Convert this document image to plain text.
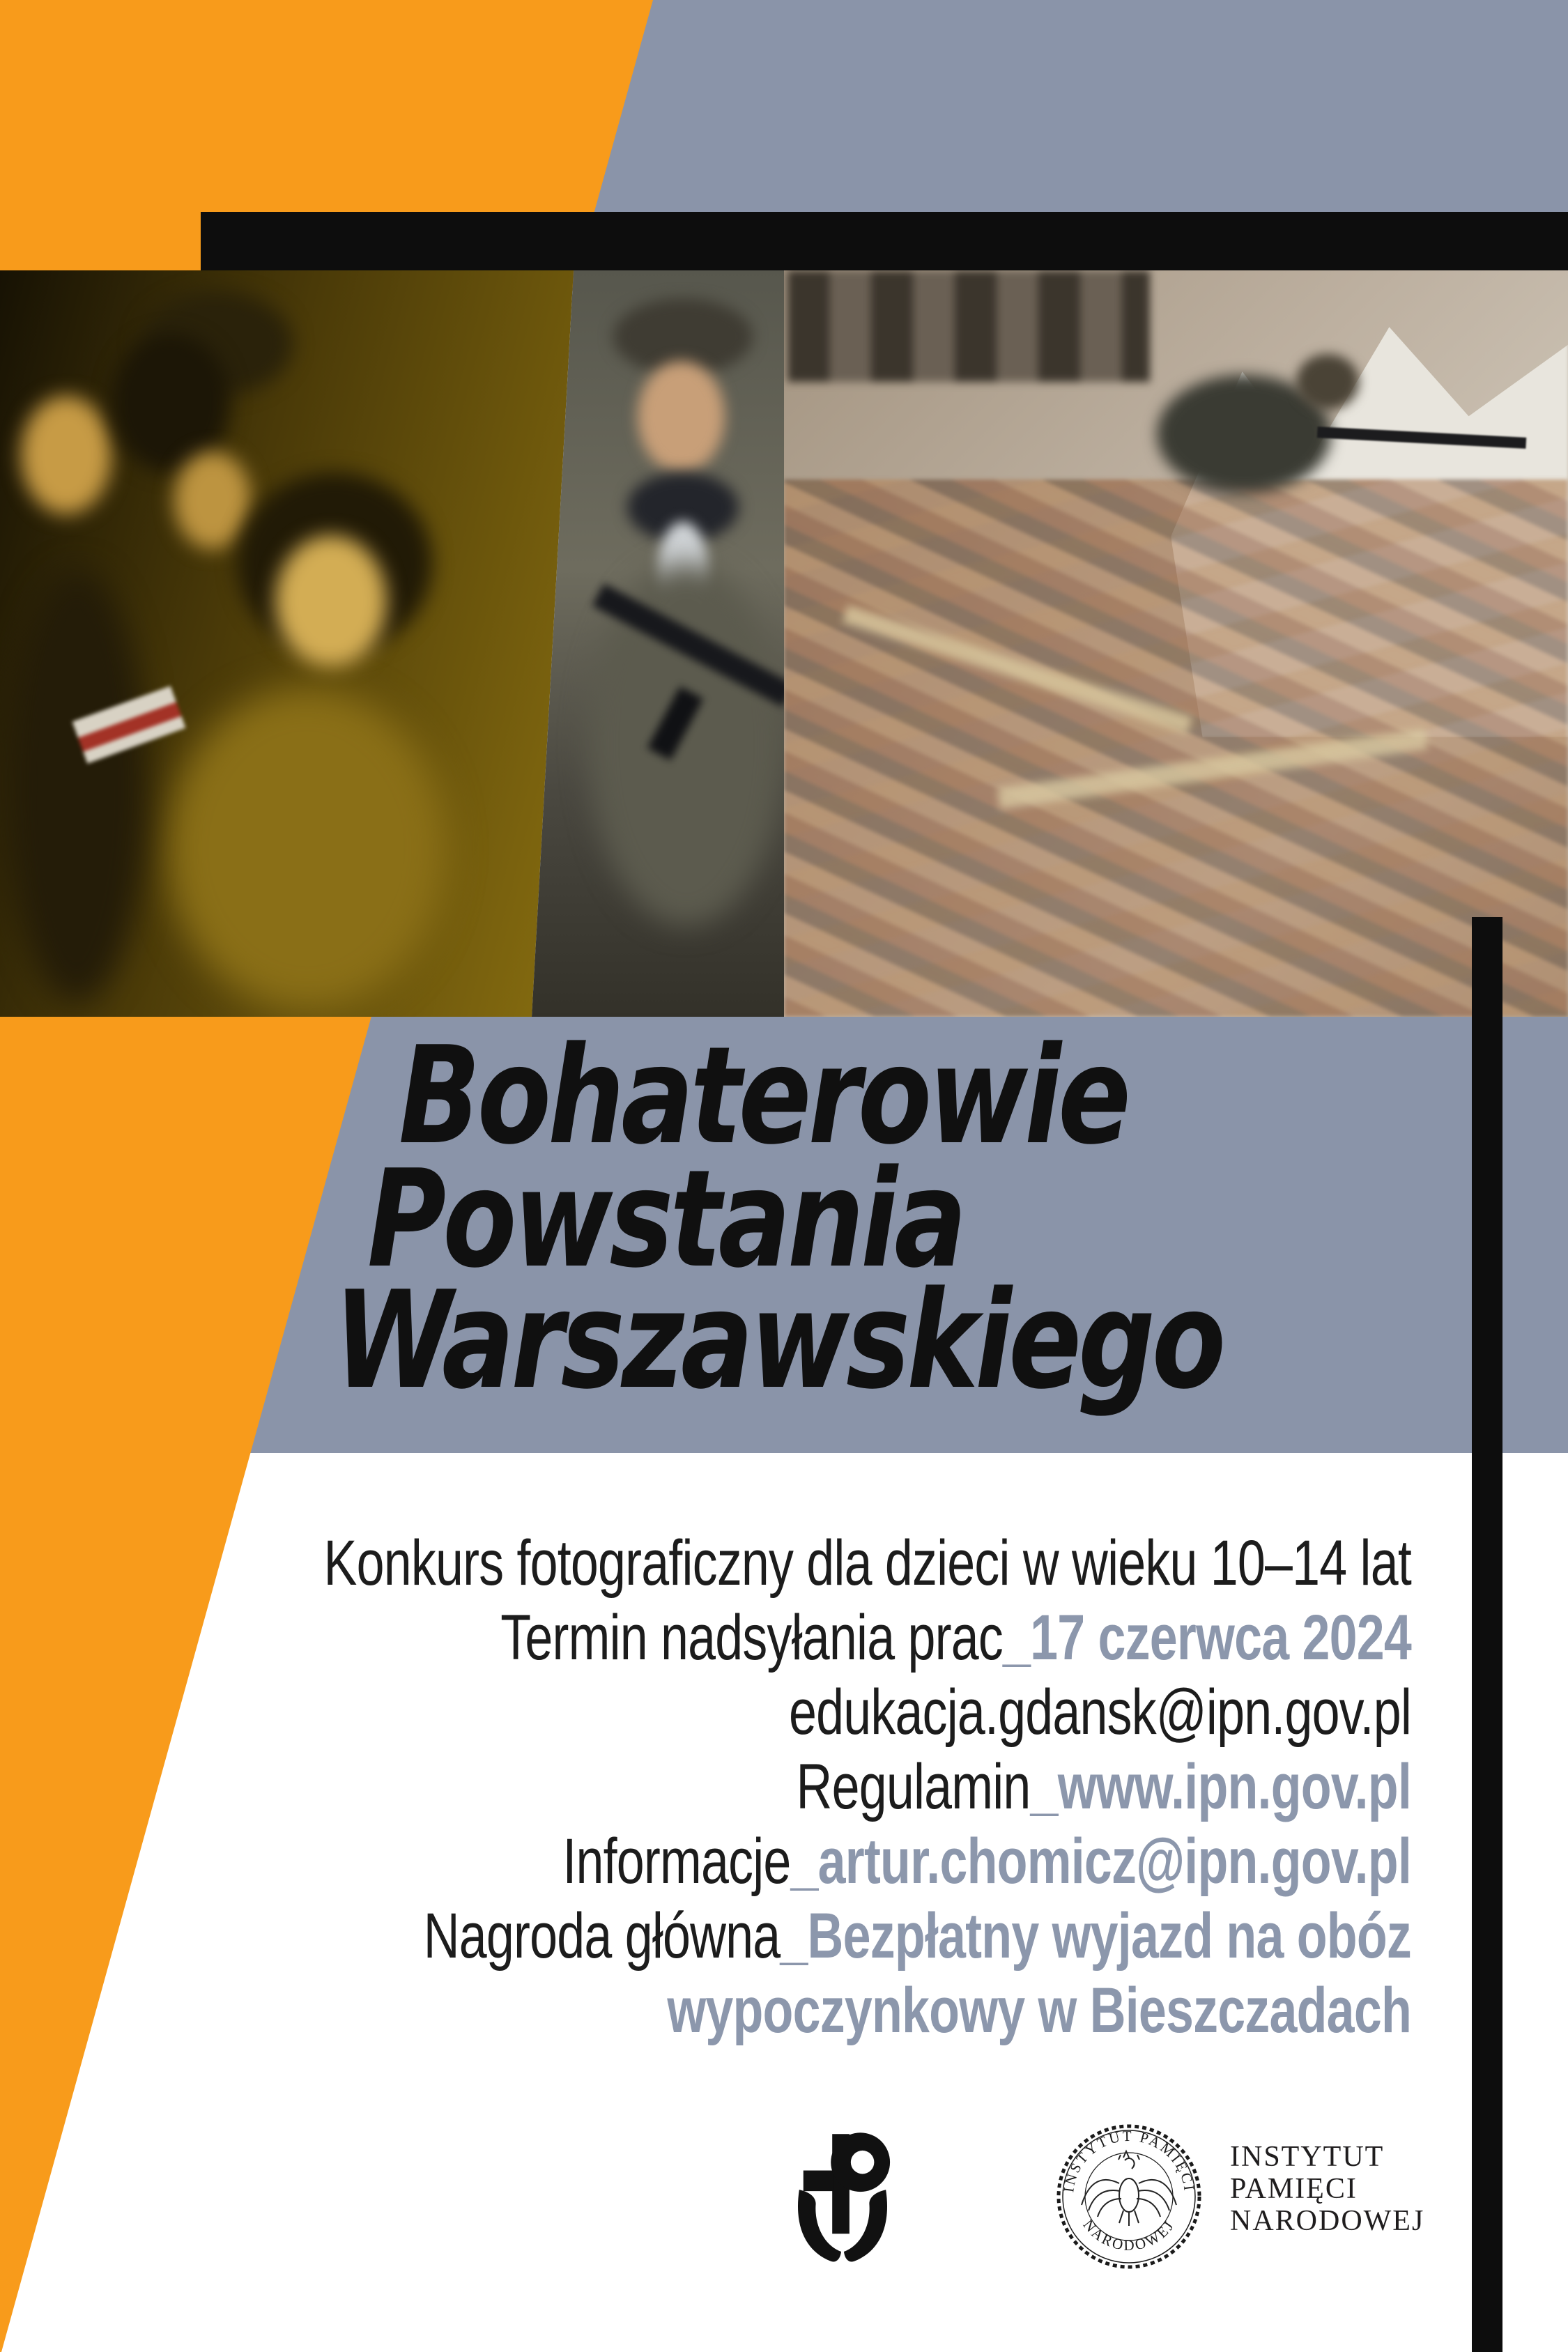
Bohaterowie
Powstania
Warszawskiego
Konkurs fotograficzny dla dzieci w wieku 10–14 lat
Termin nadsyłania prac_17 czerwca 2024
edukacja.gdansk@ipn.gov.pl
Regulamin_www.ipn.gov.pl
Informacje_artur.chomicz@ipn.gov.pl
Nagroda główna_Bezpłatny wyjazd na obóz
wypoczynkowy w Bieszczadach
INSTYTUT PAMIĘCI
NARODOWEJ
INSTYTUT
PAMIĘCI
NARODOWEJ
